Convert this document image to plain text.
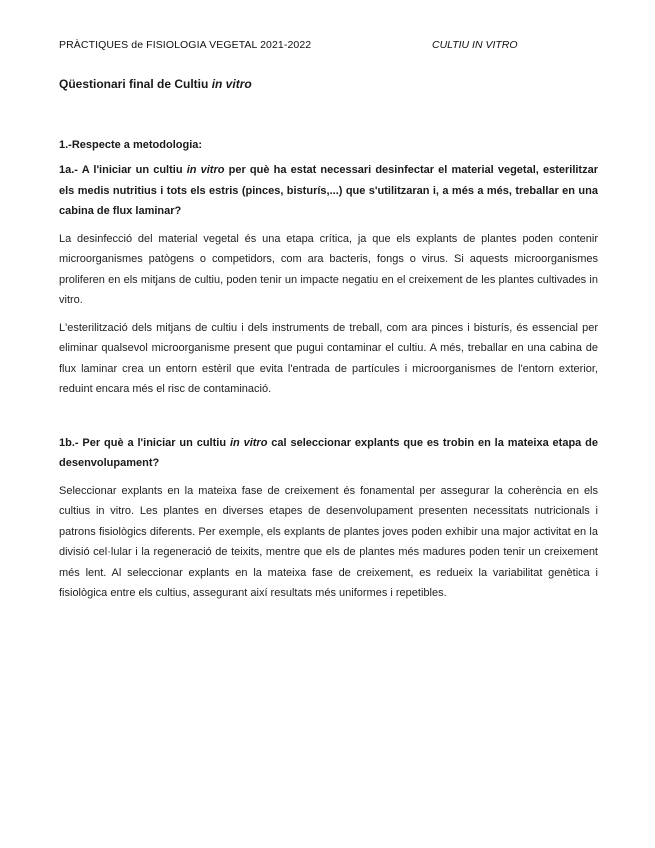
PRÀCTIQUES de FISIOLOGIA VEGETAL 2021-2022	CULTIU IN VITRO

Qüestionari final de Cultiu in vitro

1.-Respecte a metodologia:

1a.- A l'iniciar un cultiu in vitro per què ha estat necessari desinfectar el material vegetal, esterilitzar els medis nutritius i tots els estris (pinces, bisturís,...) que s'utilitzaran i, a més a més, treballar en una cabina de flux laminar?

La desinfecció del material vegetal és una etapa crítica, ja que els explants de plantes poden contenir microorganismes patògens o competidors, com ara bacteris, fongs o virus. Si aquests microorganismes proliferen en els mitjans de cultiu, poden tenir un impacte negatiu en el creixement de les plantes cultivades in vitro.

L'esterilització dels mitjans de cultiu i dels instruments de treball, com ara pinces i bisturís, és essencial per eliminar qualsevol microorganisme present que pugui contaminar el cultiu. A més, treballar en una cabina de flux laminar crea un entorn estèril que evita l'entrada de partícules i microorganismes de l'entorn exterior, reduint encara més el risc de contaminació.

1b.- Per què a l'iniciar un cultiu in vitro cal seleccionar explants que es trobin en la mateixa etapa de desenvolupament?

Seleccionar explants en la mateixa fase de creixement és fonamental per assegurar la coherència en els cultius in vitro. Les plantes en diverses etapes de desenvolupament presenten necessitats nutricionals i patrons fisiològics diferents. Per exemple, els explants de plantes joves poden exhibir una major activitat en la divisió cel·lular i la regeneració de teixits, mentre que els de plantes més madures poden tenir un creixement més lent. Al seleccionar explants en la mateixa fase de creixement, es redueix la variabilitat genètica i fisiològica entre els cultius, assegurant així resultats més uniformes i repetibles.
